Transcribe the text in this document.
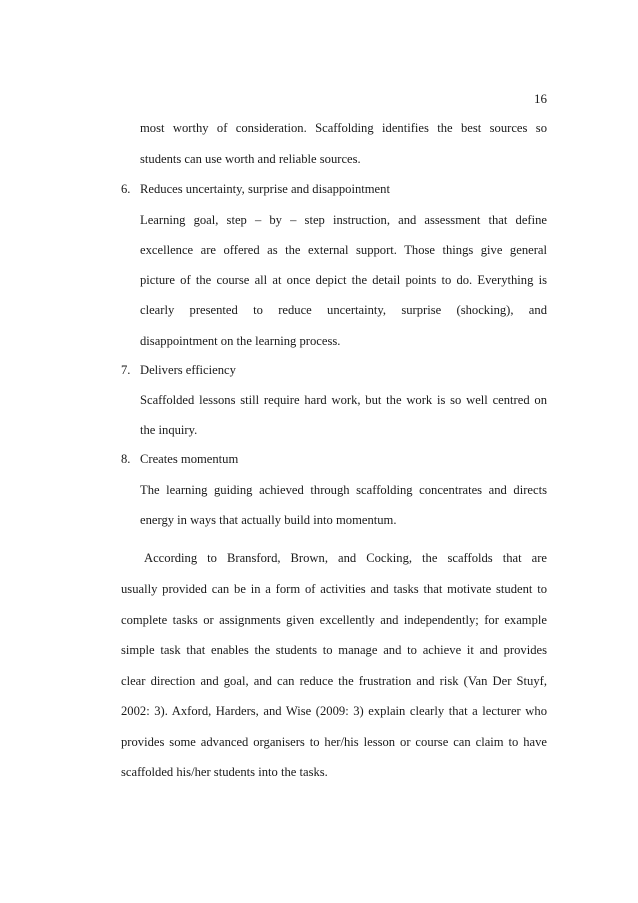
16
most worthy of consideration. Scaffolding identifies the best sources so
students can use worth and reliable sources.
6. Reduces uncertainty, surprise and disappointment
Learning goal, step – by – step instruction, and assessment that define
excellence are offered as the external support. Those things give general
picture of the course all at once depict the detail points to do. Everything is
clearly presented to reduce uncertainty, surprise (shocking), and
disappointment on the learning process.
7. Delivers efficiency
Scaffolded lessons still require hard work, but the work is so well centred on
the inquiry.
8. Creates momentum
The learning guiding achieved through scaffolding concentrates and directs
energy in ways that actually build into momentum.
According to Bransford, Brown, and Cocking, the scaffolds that are
usually provided can be in a form of activities and tasks that motivate student to
complete tasks or assignments given excellently and independently; for example
simple task that enables the students to manage and to achieve it and provides
clear direction and goal, and can reduce the frustration and risk (Van Der Stuyf,
2002: 3). Axford, Harders, and Wise (2009: 3) explain clearly that a lecturer who
provides some advanced organisers to her/his lesson or course can claim to have
scaffolded his/her students into the tasks.
